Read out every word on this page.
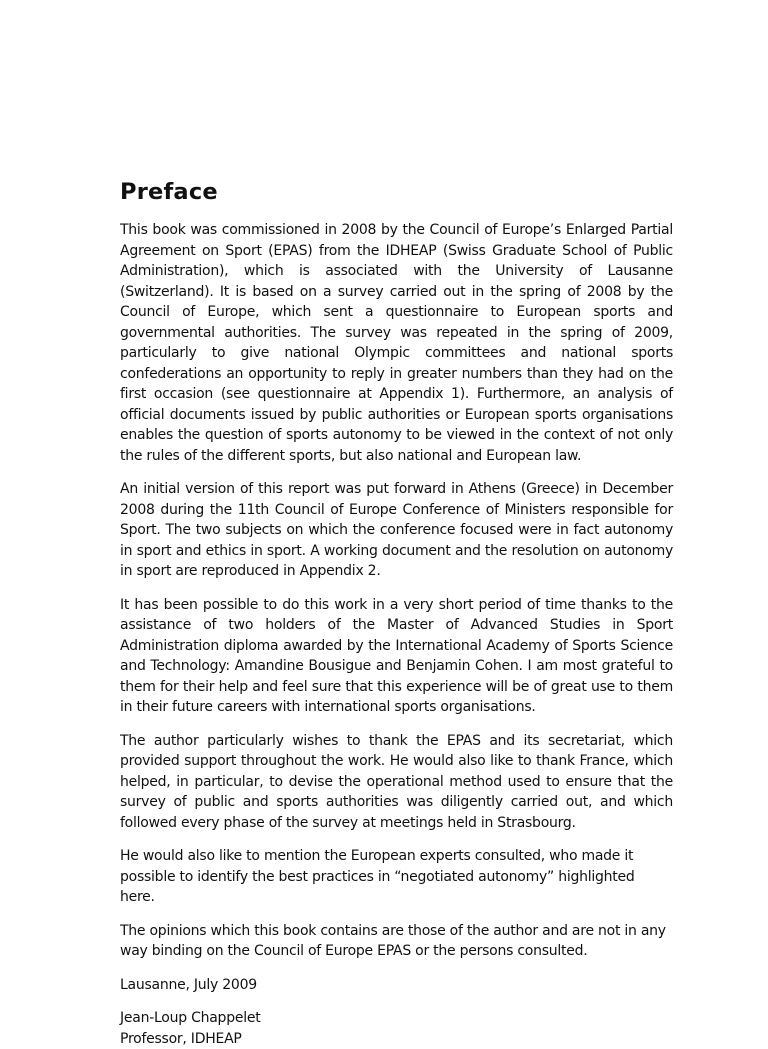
Preface

This book was commissioned in 2008 by the Council of Europe’s Enlarged Partial Agreement on Sport (EPAS) from the IDHEAP (Swiss Graduate School of Public Administration), which is associated with the University of Lausanne (Switzerland). It is based on a survey carried out in the spring of 2008 by the Council of Europe, which sent a questionnaire to European sports and governmental authorities. The survey was repeated in the spring of 2009, particularly to give national Olympic committees and national sports confederations an opportunity to reply in greater numbers than they had on the first occasion (see questionnaire at Appendix 1). Furthermore, an analysis of official documents issued by public authorities or European sports organisations enables the question of sports autonomy to be viewed in the context of not only the rules of the different sports, but also national and European law.

An initial version of this report was put forward in Athens (Greece) in December 2008 during the 11th Council of Europe Conference of Ministers responsible for Sport. The two subjects on which the conference focused were in fact autonomy in sport and ethics in sport. A working document and the resolution on autonomy in sport are reproduced in Appendix 2.

It has been possible to do this work in a very short period of time thanks to the assistance of two holders of the Master of Advanced Studies in Sport Administration diploma awarded by the International Academy of Sports Science and Technology: Amandine Bousigue and Benjamin Cohen. I am most grateful to them for their help and feel sure that this experience will be of great use to them in their future careers with international sports organisations.

The author particularly wishes to thank the EPAS and its secretariat, which provided support throughout the work. He would also like to thank France, which helped, in particular, to devise the operational method used to ensure that the survey of public and sports authorities was diligently carried out, and which followed every phase of the survey at meetings held in Strasbourg.

He would also like to mention the European experts consulted, who made it possible to identify the best practices in “negotiated autonomy” highlighted here.

The opinions which this book contains are those of the author and are not in any way binding on the Council of Europe EPAS or the persons consulted.

Lausanne, July 2009

Jean-Loup Chappelet

Professor, IDHEAP
